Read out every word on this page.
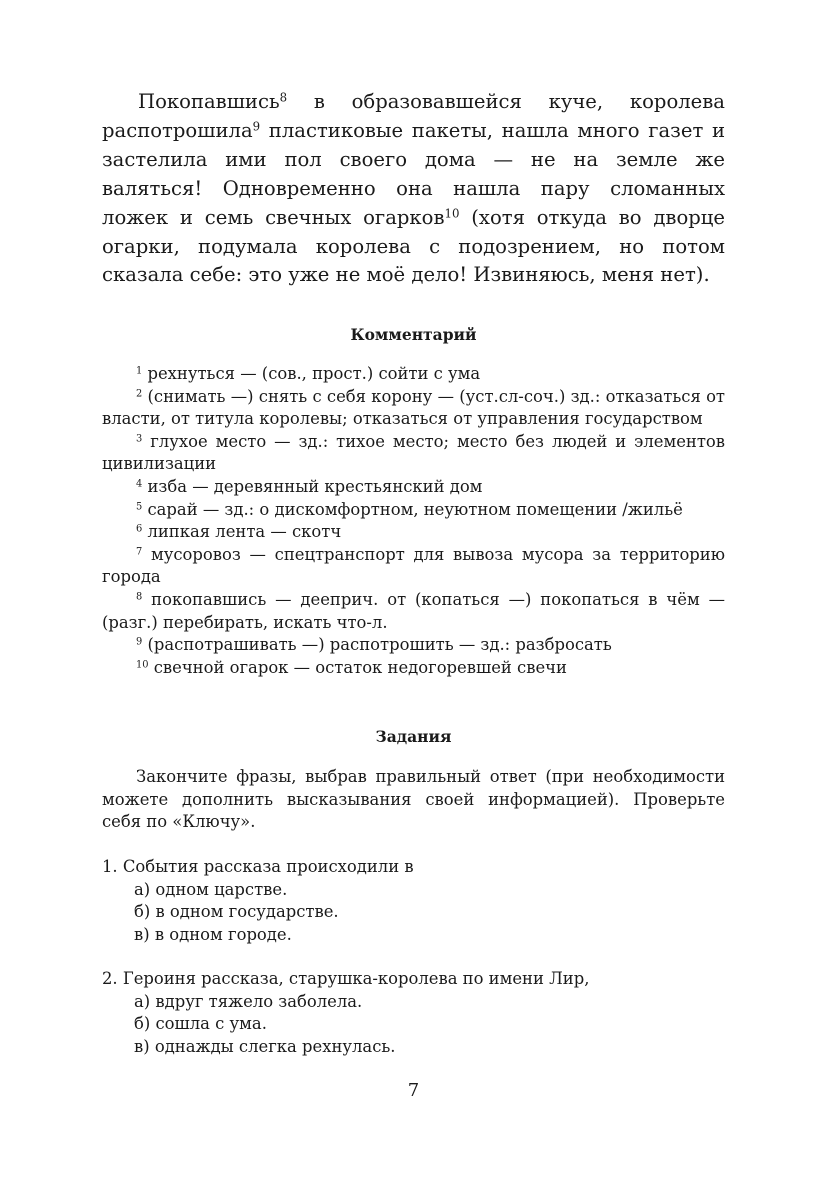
Покопавшись$^8$ в образовавшейся куче, королева распотрошила$^9$ пластиковые пакеты, нашла много газет и застелила ими пол своего дома — не на земле же валяться! Одновременно она нашла пару сломанных ложек и семь свечных огарков$^{10}$ (хотя откуда во дворце огарки, подумала королева с подозрением, но потом сказала себе: это уже не моё дело! Извиняюсь, меня нет).

Комментарий

$^1$ рехнуться — (сов., прост.) сойти с ума

$^2$ (снимать —) снять с себя корону — (уст.сл-соч.) зд.: отказаться от власти, от титула королевы; отказаться от управления государством

$^3$ глухое место — зд.: тихое место; место без людей и элементов цивилизации

$^4$ изба — деревянный крестьянский дом

$^5$ сарай — зд.: о дискомфортном, неуютном помещении /жильё

$^6$ липкая лента — скотч

$^7$ мусоровоз — спецтранспорт для вывоза мусора за территорию города

$^8$ покопавшись — дееприч. от (копаться —) покопаться в чём — (разг.) перебирать, искать что-л.

$^9$ (распотрашивать —) распотрошить — зд.: разбросать

$^{10}$ свечной огарок — остаток недогоревшей свечи

Задания

Закончите фразы, выбрав правильный ответ (при необходимости можете дополнить высказывания своей информацией). Проверьте себя по «Ключу».

1. События рассказа происходили в

а) одном царстве.

б) в одном государстве.

в) в одном городе.

2. Героиня рассказа, старушка-королева по имени Лир,

а) вдруг тяжело заболела.

б) сошла с ума.

в) однажды слегка рехнулась.

7
